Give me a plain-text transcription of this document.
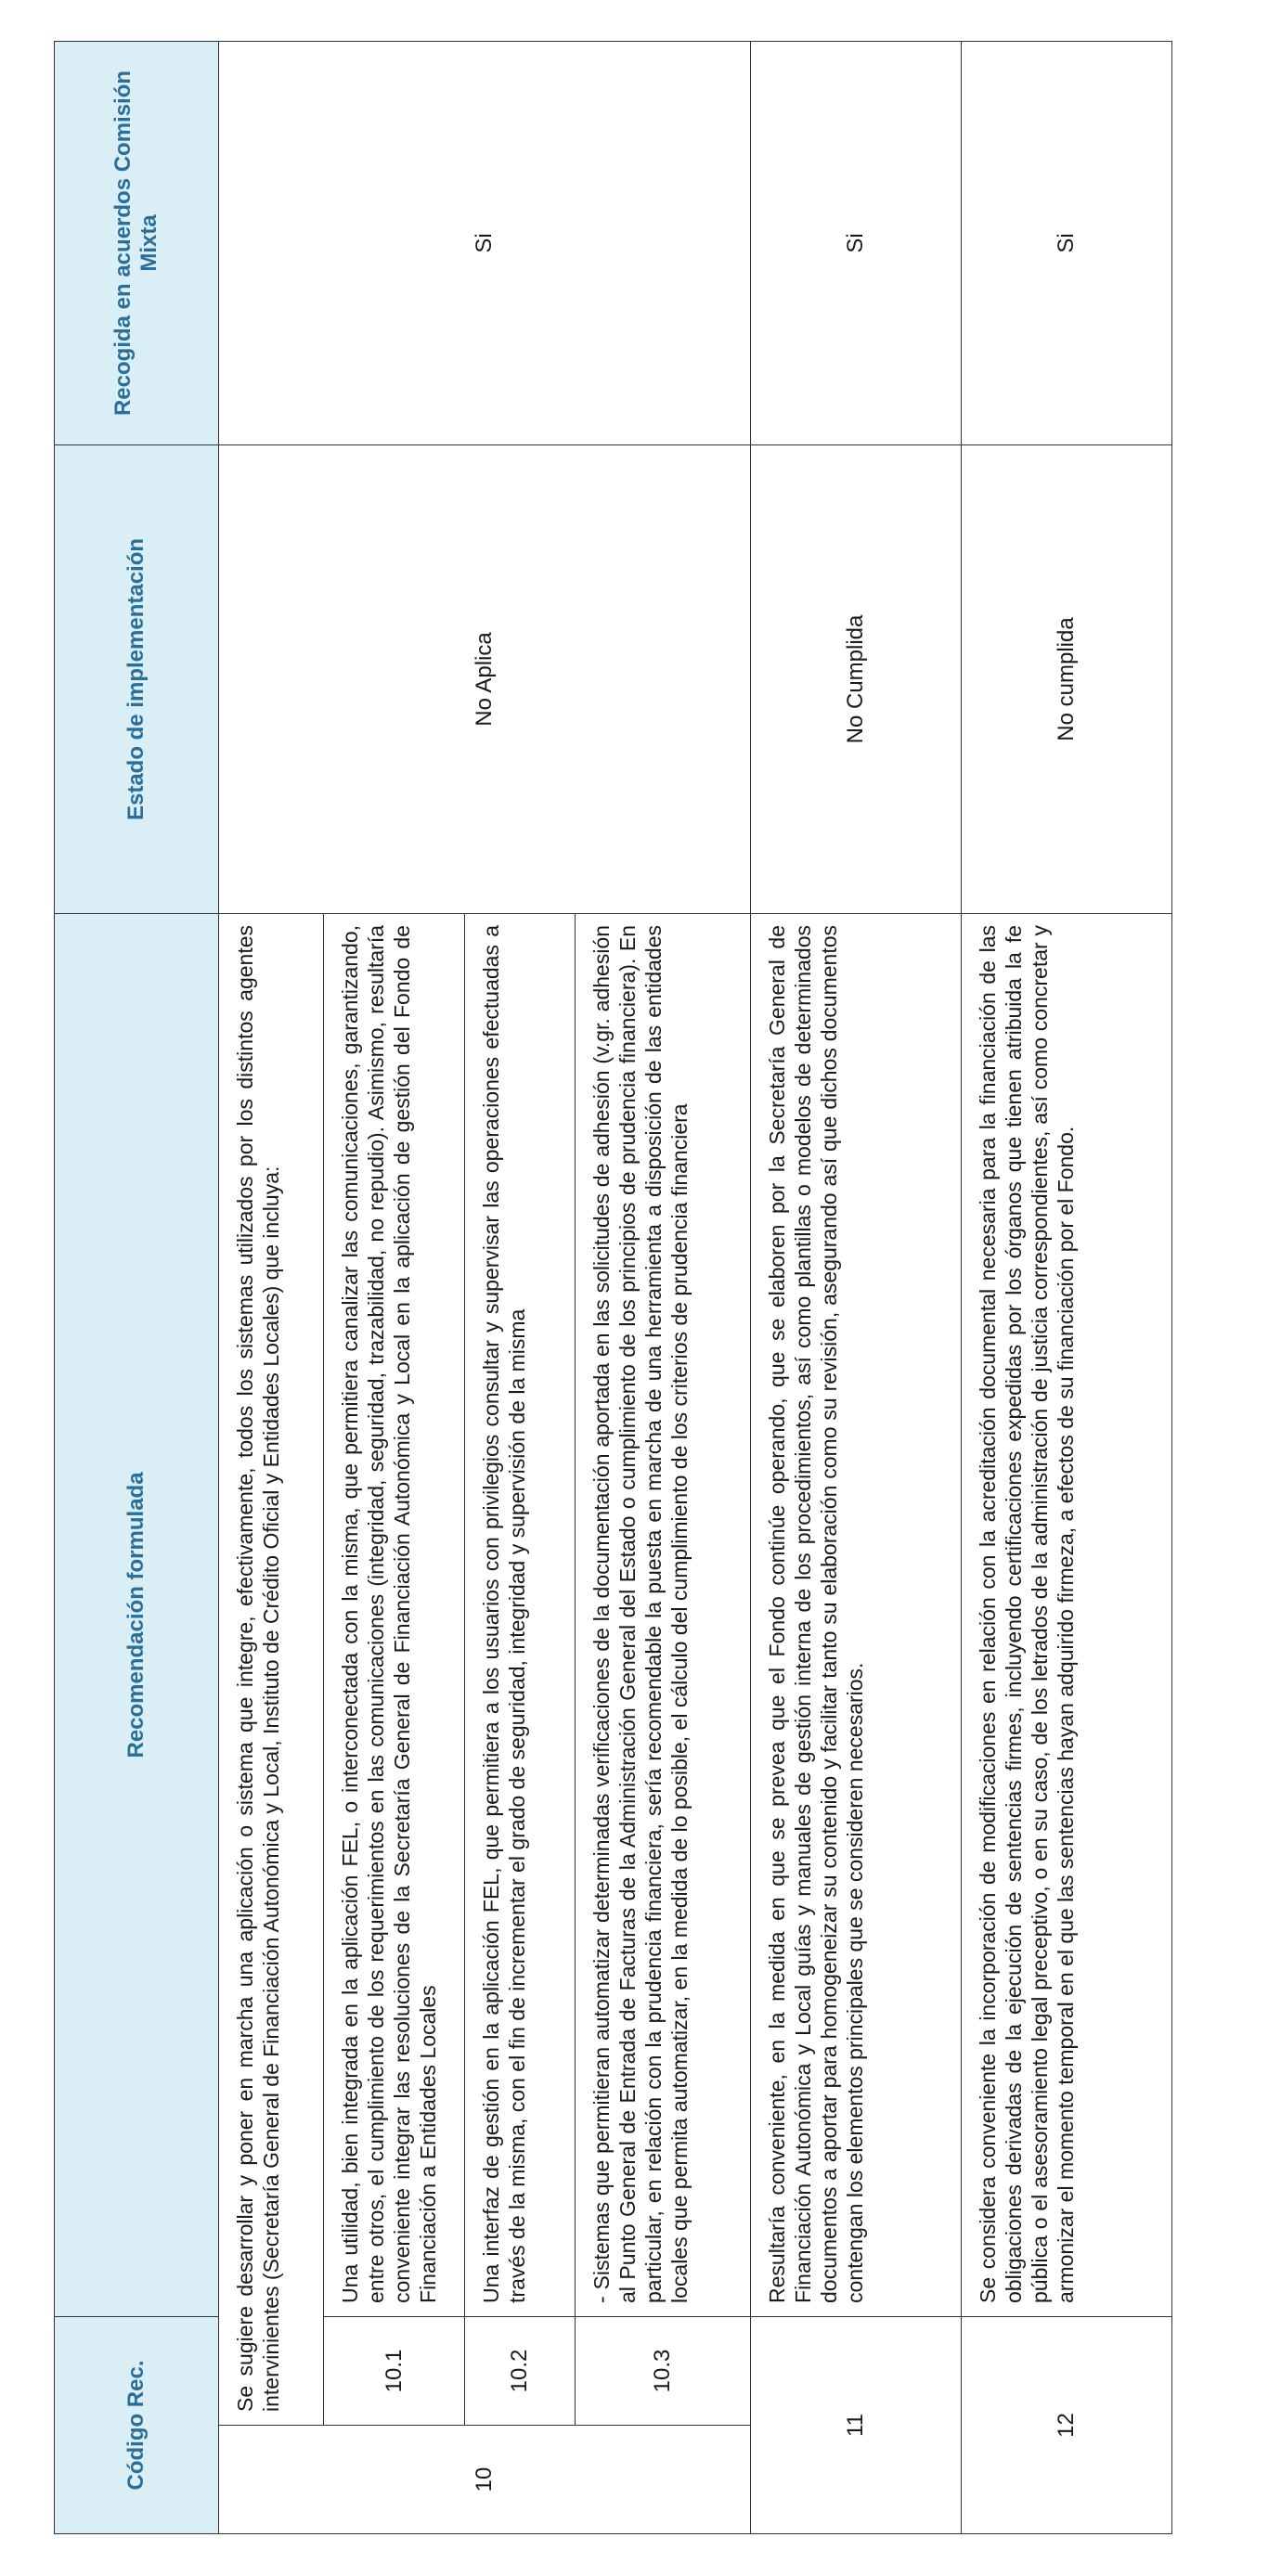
Código Rec.		Recomendación formulada	Estado de implementación	Recogida en acuerdos Comisión Mixta
10	Se sugiere desarrollar y poner en marcha una aplicación o sistema que integre, efectivamente, todos los sistemas utilizados por los distintos agentes intervinientes (Secretaría General de Financiación Autonómica y Local, Instituto de Crédito Oficial y Entidades Locales) que incluya:		No Aplica	Si
	10.1	Una utilidad, bien integrada en la aplicación FEL, o interconectada con la misma, que permitiera canalizar las comunicaciones, garantizando, entre otros, el cumplimiento de los requerimientos en las comunicaciones (integridad, seguridad, trazabilidad, no repudio). Asimismo, resultaría conveniente integrar las resoluciones de la Secretaría General de Financiación Autonómica y Local en la aplicación de gestión del Fondo de Financiación a Entidades Locales		
	10.2	Una interfaz de gestión en la aplicación FEL, que permitiera a los usuarios con privilegios consultar y supervisar las operaciones efectuadas a través de la misma, con el fin de incrementar el grado de seguridad, integridad y supervisión de la misma		
	10.3	- Sistemas que permitieran automatizar determinadas verificaciones de la documentación aportada en las solicitudes de adhesión (v.gr. adhesión al Punto General de Entrada de Facturas de la Administración General del Estado o cumplimiento de los principios de prudencia financiera). En particular, en relación con la prudencia financiera, sería recomendable la puesta en marcha de una herramienta a disposición de las entidades locales que permita automatizar, en la medida de lo posible, el cálculo del cumplimiento de los criterios de prudencia financiera		
11		Resultaría conveniente, en la medida en que se prevea que el Fondo continúe operando, que se elaboren por la Secretaría General de Financiación Autonómica y Local guías y manuales de gestión interna de los procedimientos, así como plantillas o modelos de determinados documentos a aportar para homogeneizar su contenido y facilitar tanto su elaboración como su revisión, asegurando así que dichos documentos contengan los elementos principales que se consideren necesarios.	No Cumplida	Si
12		Se considera conveniente la incorporación de modificaciones en relación con la acreditación documental necesaria para la financiación de las obligaciones derivadas de la ejecución de sentencias firmes, incluyendo certificaciones expedidas por los órganos que tienen atribuida la fe pública o el asesoramiento legal preceptivo, o en su caso, de los letrados de la administración de justicia correspondientes, así como concretar y armonizar el momento temporal en el que las sentencias hayan adquirido firmeza, a efectos de su financiación por el Fondo.	No cumplida	Si
